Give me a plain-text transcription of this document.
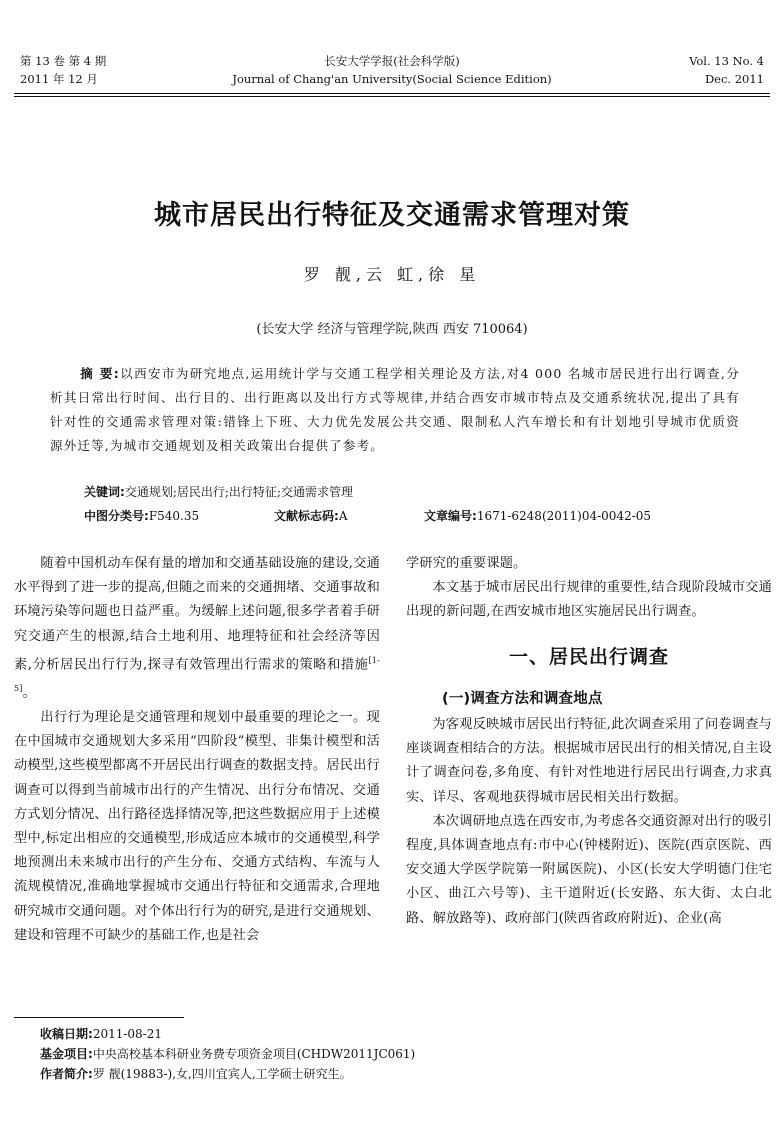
第 13 卷 第 4 期
2011 年 12 月
长安大学学报(社会科学版)
Journal of Chang'an University(Social Science Edition)
Vol. 13 No. 4
Dec. 2011
城市居民出行特征及交通需求管理对策
罗 靓,云 虹,徐 星
(长安大学 经济与管理学院,陕西 西安 710064)
摘 要:以西安市为研究地点,运用统计学与交通工程学相关理论及方法,对4 000 名城市居民进行出行调查,分析其日常出行时间、出行目的、出行距离以及出行方式等规律,并结合西安市城市特点及交通系统状况,提出了具有针对性的交通需求管理对策:错锋上下班、大力优先发展公共交通、限制私人汽车增长和有计划地引导城市优质资源外迁等,为城市交通规划及相关政策出台提供了参考。
关键词:交通规划;居民出行;出行特征;交通需求管理
中图分类号:F540.35	文献标志码:A	文章编号:1671-6248(2011)04-0042-05

随着中国机动车保有量的增加和交通基础设施的建设,交通水平得到了进一步的提高,但随之而来的交通拥堵、交通事故和环境污染等问题也日益严重。为缓解上述问题,很多学者着手研究交通产生的根源,结合土地利用、地理特征和社会经济等因素,分析居民出行行为,探寻有效管理出行需求的策略和措施[1-5]。

出行行为理论是交通管理和规划中最重要的理论之一。现在中国城市交通规划大多采用“四阶段”模型、非集计模型和活动模型,这些模型都离不开居民出行调查的数据支持。居民出行调查可以得到当前城市出行的产生情况、出行分布情况、交通方式划分情况、出行路径选择情况等,把这些数据应用于上述模型中,标定出相应的交通模型,形成适应本城市的交通模型,科学地预测出未来城市出行的产生分布、交通方式结构、车流与人流规模情况,准确地掌握城市交通出行特征和交通需求,合理地研究城市交通问题。对个体出行行为的研究,是进行交通规划、建设和管理不可缺少的基础工作,也是社会

学研究的重要课题。

本文基于城市居民出行规律的重要性,结合现阶段城市交通出现的新问题,在西安城市地区实施居民出行调查。

一、居民出行调查
(一)调查方法和调查地点

为客观反映城市居民出行特征,此次调查采用了问卷调查与座谈调查相结合的方法。根据城市居民出行的相关情况,自主设计了调查问卷,多角度、有针对性地进行居民出行调查,力求真实、详尽、客观地获得城市居民相关出行数据。

本次调研地点选在西安市,为考虑各交通资源对出行的吸引程度,具体调查地点有:市中心(钟楼附近)、医院(西京医院、西安交通大学医学院第一附属医院)、小区(长安大学明德门住宅小区、曲江六号等)、主干道附近(长安路、东大街、太白北路、解放路等)、政府部门(陕西省政府附近)、企业(高

收稿日期:2011-08-21
基金项目:中央高校基本科研业务费专项资金项目(CHDW2011JC061)
作者简介:罗 靓(19883-),女,四川宜宾人,工学硕士研究生。
